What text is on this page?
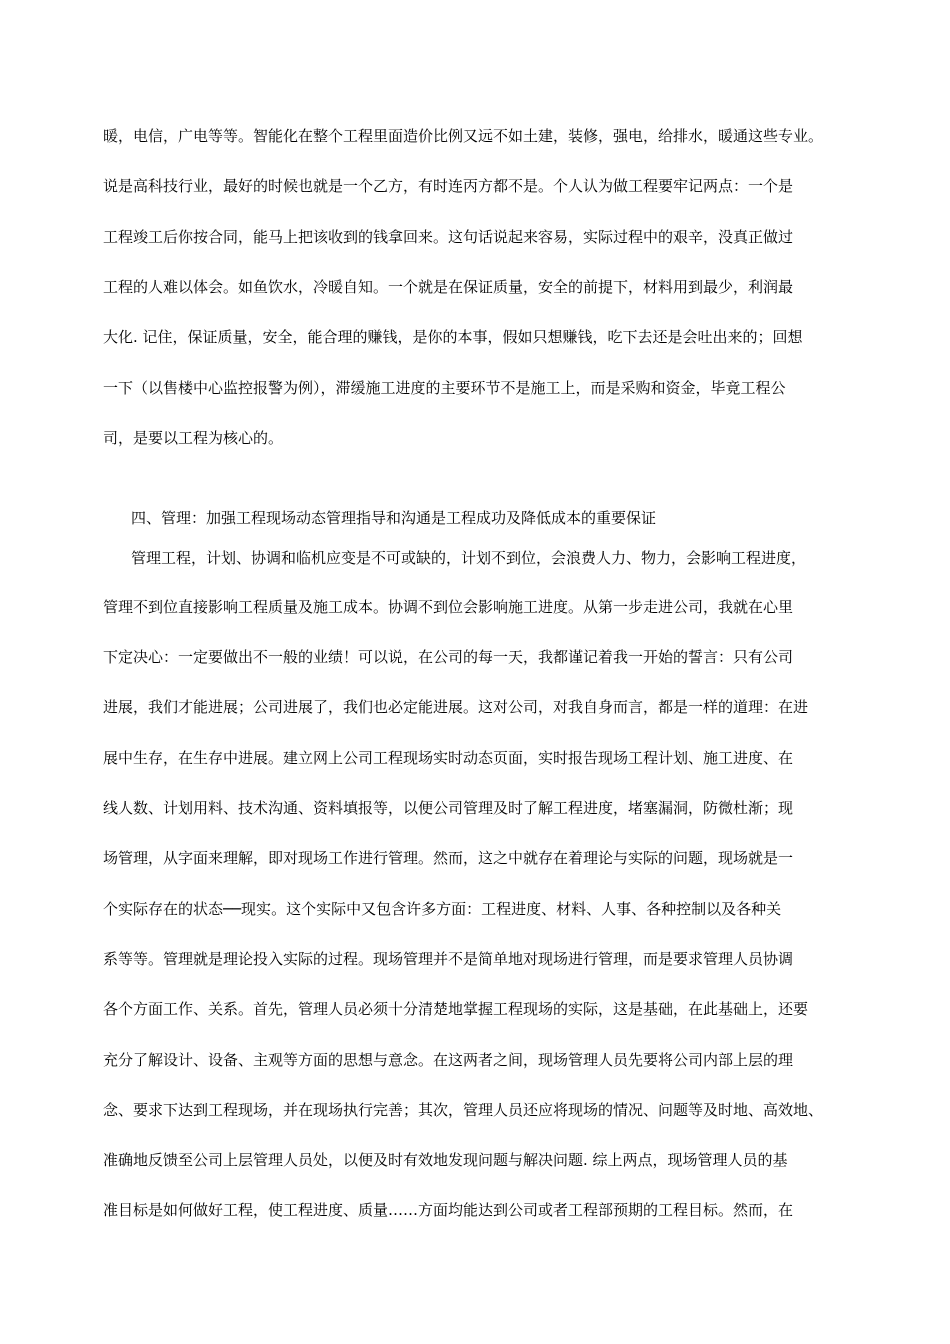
暖，电信，广电等等。智能化在整个工程里面造价比例又远不如土建，装修，强电，给排水，暖通这些专业。
说是高科技行业，最好的时候也就是一个乙方，有时连丙方都不是。个人认为做工程要牢记两点：一个是
工程竣工后你按合同，能马上把该收到的钱拿回来。这句话说起来容易，实际过程中的艰辛，没真正做过
工程的人难以体会。如鱼饮水，冷暖自知。一个就是在保证质量，安全的前提下，材料用到最少，利润最
大化. 记住，保证质量，安全，能合理的赚钱，是你的本事，假如只想赚钱，吃下去还是会吐出来的；回想
一下（以售楼中心监控报警为例），滞缓施工进度的主要环节不是施工上，而是采购和资金，毕竟工程公
司，是要以工程为核心的。
四、管理：加强工程现场动态管理指导和沟通是工程成功及降低成本的重要保证
管理工程，计划、协调和临机应变是不可或缺的，计划不到位，会浪费人力、物力，会影响工程进度，
管理不到位直接影响工程质量及施工成本。协调不到位会影响施工进度。从第一步走进公司，我就在心里
下定决心：一定要做出不一般的业绩！可以说，在公司的每一天，我都谨记着我一开始的誓言：只有公司
进展，我们才能进展；公司进展了，我们也必定能进展。这对公司，对我自身而言，都是一样的道理：在进
展中生存，在生存中进展。建立网上公司工程现场实时动态页面，实时报告现场工程计划、施工进度、在
线人数、计划用料、技术沟通、资料填报等，以便公司管理及时了解工程进度，堵塞漏洞，防微杜渐；现
场管理，从字面来理解，即对现场工作进行管理。然而，这之中就存在着理论与实际的问题，现场就是一
个实际存在的状态──现实。这个实际中又包含许多方面：工程进度、材料、人事、各种控制以及各种关
系等等。管理就是理论投入实际的过程。现场管理并不是简单地对现场进行管理，而是要求管理人员协调
各个方面工作、关系。首先，管理人员必须十分清楚地掌握工程现场的实际，这是基础，在此基础上，还要
充分了解设计、设备、主观等方面的思想与意念。在这两者之间，现场管理人员先要将公司内部上层的理
念、要求下达到工程现场，并在现场执行完善；其次，管理人员还应将现场的情况、问题等及时地、高效地、
准确地反馈至公司上层管理人员处，以便及时有效地发现问题与解决问题. 综上两点，现场管理人员的基
准目标是如何做好工程，使工程进度、质量……方面均能达到公司或者工程部预期的工程目标。然而，在
